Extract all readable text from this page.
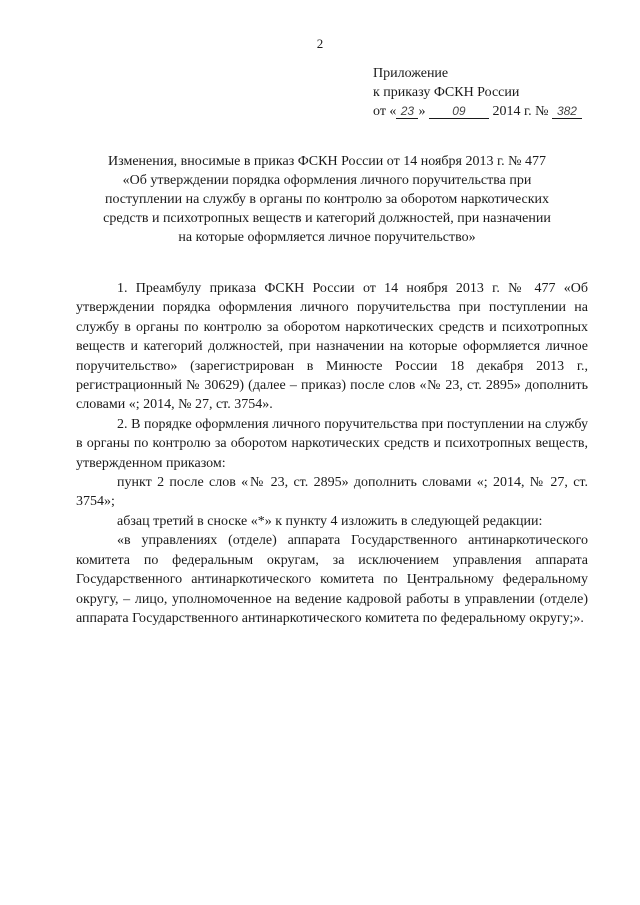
2
Приложение
к приказу ФСКН России
от « 23 » 09 2014 г. № 382
Изменения, вносимые в приказ ФСКН России от 14 ноября 2013 г. № 477 «Об утверждении порядка оформления личного поручительства при поступлении на службу в органы по контролю за оборотом наркотических средств и психотропных веществ и категорий должностей, при назначении на которые оформляется личное поручительство»

1. Преамбулу приказа ФСКН России от 14 ноября 2013 г. № 477 «Об утверждении порядка оформления личного поручительства при поступлении на службу в органы по контролю за оборотом наркотических средств и психотропных веществ и категорий должностей, при назначении на которые оформляется личное поручительство» (зарегистрирован в Минюсте России 18 декабря 2013 г., регистрационный № 30629) (далее – приказ) после слов «№ 23, ст. 2895» дополнить словами «; 2014, № 27, ст. 3754».

2. В порядке оформления личного поручительства при поступлении на службу в органы по контролю за оборотом наркотических средств и психотропных веществ, утвержденном приказом:

пункт 2 после слов «№ 23, ст. 2895» дополнить словами «; 2014, № 27, ст. 3754»;

абзац третий в сноске «*» к пункту 4 изложить в следующей редакции:

«в управлениях (отделе) аппарата Государственного антинаркотического комитета по федеральным округам, за исключением управления аппарата Государственного антинаркотического комитета по Центральному федеральному округу, – лицо, уполномоченное на ведение кадровой работы в управлении (отделе) аппарата Государственного антинаркотического комитета по федеральному округу;».
